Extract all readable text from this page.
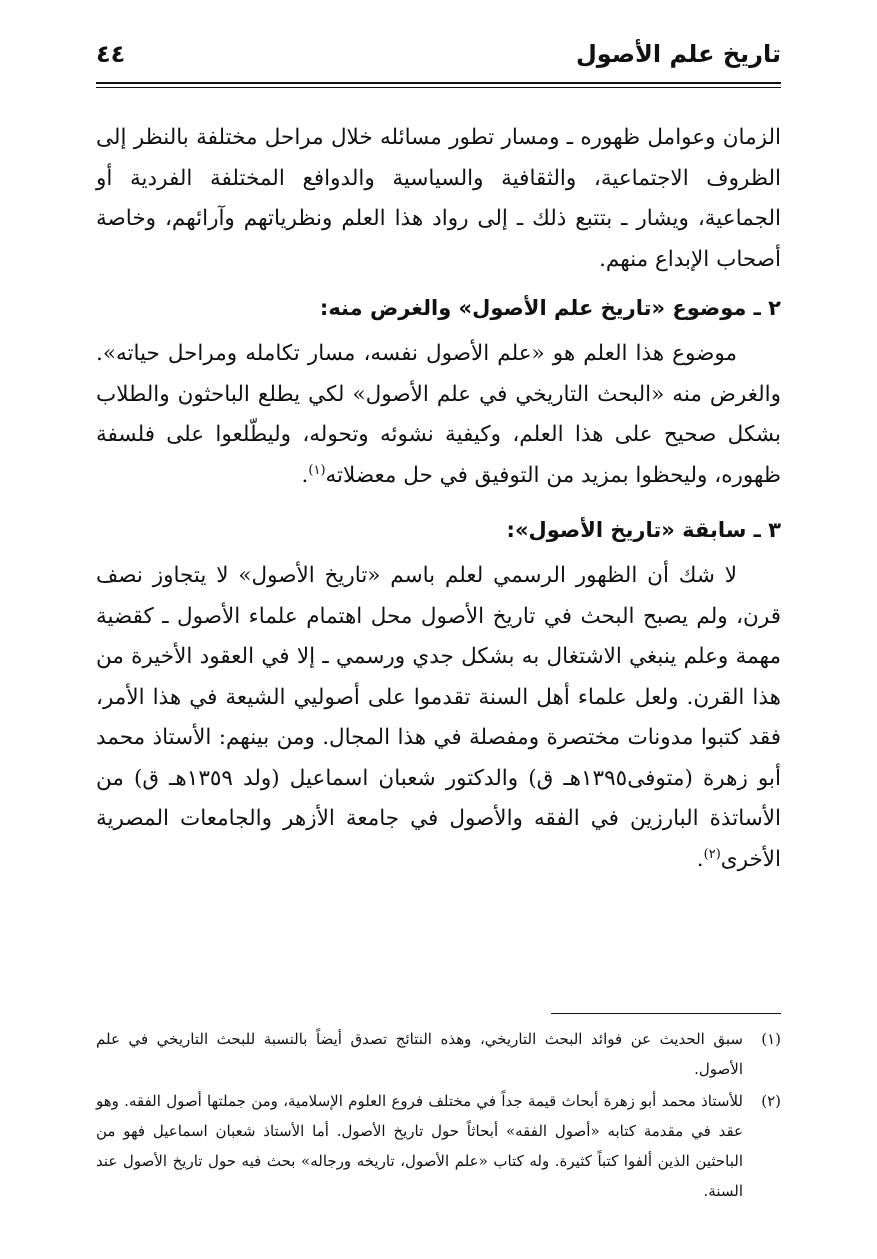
تاريخ علم الأصول
٤٤

الزمان وعوامل ظهوره ـ ومسار تطور مسائله خلال مراحل مختلفة بالنظر إلى الظروف الاجتماعية، والثقافية والسياسية والدوافع المختلفة الفردية أو الجماعية، ويشار ـ بتتبع ذلك ـ إلى رواد هذا العلم ونظرياتهم وآرائهم، وخاصة أصحاب الإبداع منهم.

٢ ـ موضوع «تاريخ علم الأصول» والغرض منه:

موضوع هذا العلم هو «علم الأصول نفسه، مسار تكامله ومراحل حياته». والغرض منه «البحث التاريخي في علم الأصول» لكي يطلع الباحثون والطلاب بشكل صحيح على هذا العلم، وكيفية نشوئه وتحوله، وليطّلعوا على فلسفة ظهوره، وليحظوا بمزيد من التوفيق في حل معضلاته$^{(١)}$.

٣ ـ سابقة «تاريخ الأصول»:

لا شك أن الظهور الرسمي لعلم باسم «تاريخ الأصول» لا يتجاوز نصف قرن، ولم يصبح البحث في تاريخ الأصول محل اهتمام علماء الأصول ـ كقضية مهمة وعلم ينبغي الاشتغال به بشكل جدي ورسمي ـ إلا في العقود الأخيرة من هذا القرن. ولعل علماء أهل السنة تقدموا على أصوليي الشيعة في هذا الأمر، فقد كتبوا مدونات مختصرة ومفصلة في هذا المجال. ومن بينهم: الأستاذ محمد أبو زهرة (متوفى١٣٩٥هـ ق) والدكتور شعبان اسماعيل (ولد ١٣٥٩هـ ق) من الأساتذة البارزين في الفقه والأصول في جامعة الأزهر والجامعات المصرية الأخرى$^{(٢)}$.

(١)
سبق الحديث عن فوائد البحث التاريخي، وهذه النتائج تصدق أيضاً بالنسبة للبحث التاريخي في علم الأصول.
(٢)
للأستاذ محمد أبو زهرة أبحاث قيمة جداً في مختلف فروع العلوم الإسلامية، ومن جملتها أصول الفقه. وهو عقد في مقدمة كتابه «أصول الفقه» أبحاثاً حول تاريخ الأصول. أما الأستاذ شعبان اسماعيل فهو من الباحثين الذين ألفوا كتباً كثيرة. وله كتاب «علم الأصول، تاريخه ورجاله» بحث فيه حول تاريخ الأصول عند السنة.
